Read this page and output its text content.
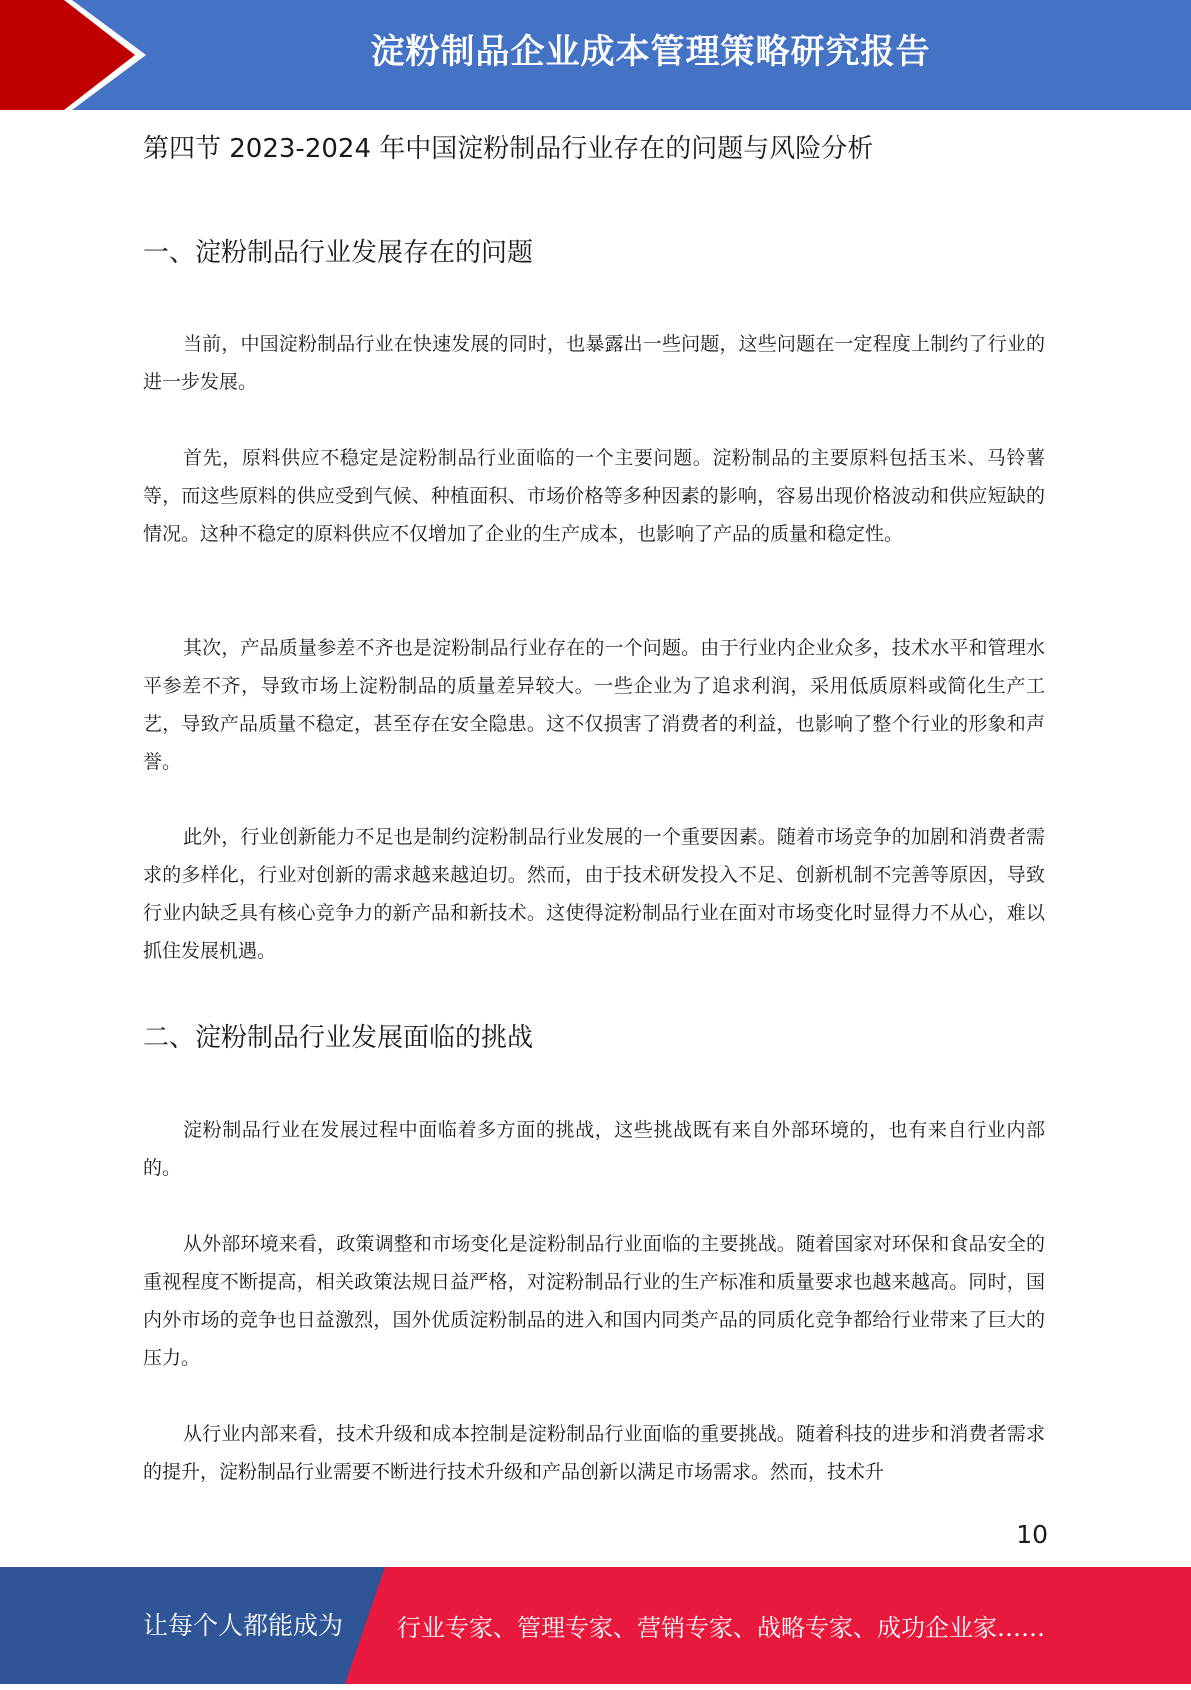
淀粉制品企业成本管理策略研究报告
第四节 2023-2024 年中国淀粉制品行业存在的问题与风险分析
一、淀粉制品行业发展存在的问题

当前，中国淀粉制品行业在快速发展的同时，也暴露出一些问题，这些问题在一定程度上制约了行业的进一步发展。

首先，原料供应不稳定是淀粉制品行业面临的一个主要问题。淀粉制品的主要原料包括玉米、马铃薯等，而这些原料的供应受到气候、种植面积、市场价格等多种因素的影响，容易出现价格波动和供应短缺的情况。这种不稳定的原料供应不仅增加了企业的生产成本，也影响了产品的质量和稳定性。

其次，产品质量参差不齐也是淀粉制品行业存在的一个问题。由于行业内企业众多，技术水平和管理水平参差不齐，导致市场上淀粉制品的质量差异较大。一些企业为了追求利润，采用低质原料或简化生产工艺，导致产品质量不稳定，甚至存在安全隐患。这不仅损害了消费者的利益，也影响了整个行业的形象和声誉。

此外，行业创新能力不足也是制约淀粉制品行业发展的一个重要因素。随着市场竞争的加剧和消费者需求的多样化，行业对创新的需求越来越迫切。然而，由于技术研发投入不足、创新机制不完善等原因，导致行业内缺乏具有核心竞争力的新产品和新技术。这使得淀粉制品行业在面对市场变化时显得力不从心，难以抓住发展机遇。

二、淀粉制品行业发展面临的挑战

淀粉制品行业在发展过程中面临着多方面的挑战，这些挑战既有来自外部环境的，也有来自行业内部的。

从外部环境来看，政策调整和市场变化是淀粉制品行业面临的主要挑战。随着国家对环保和食品安全的重视程度不断提高，相关政策法规日益严格，对淀粉制品行业的生产标准和质量要求也越来越高。同时，国内外市场的竞争也日益激烈，国外优质淀粉制品的进入和国内同类产品的同质化竞争都给行业带来了巨大的压力。

从行业内部来看，技术升级和成本控制是淀粉制品行业面临的重要挑战。随着科技的进步和消费者需求的提升，淀粉制品行业需要不断进行技术升级和产品创新以满足市场需求。然而，技术升

10
让每个人都能成为 行业专家、管理专家、营销专家、战略专家、成功企业家……
